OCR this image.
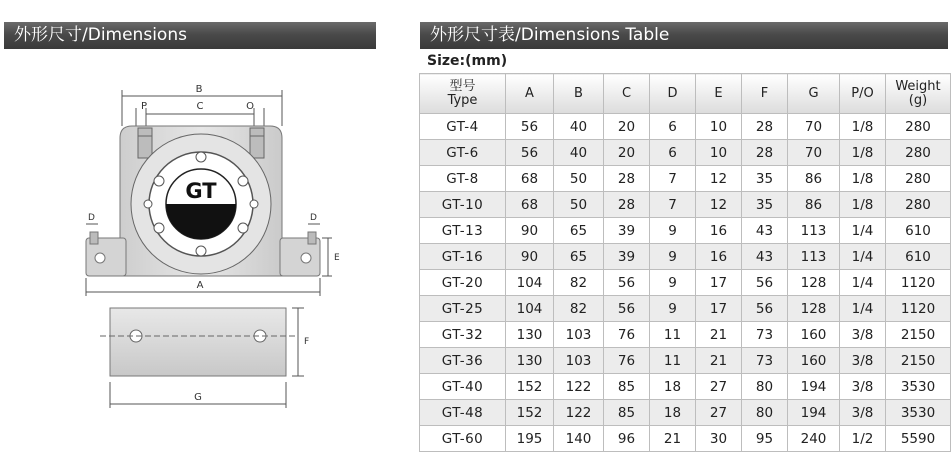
外形尺寸/Dimensions	外形尺寸表/Dimensions Table
Size:(mm)
B
P	C	O
GT
D	D
E
A
F
G
型号
Type	A	B	C	D	E	F	G	P/O	Weight
(g)

GT-4	56	40	20	6	10	28	70	1/8	280
GT-6	56	40	20	6	10	28	70	1/8	280
GT-8	68	50	28	7	12	35	86	1/8	280
GT-10	68	50	28	7	12	35	86	1/8	280
GT-13	90	65	39	9	16	43	113	1/4	610
GT-16	90	65	39	9	16	43	113	1/4	610
GT-20	104	82	56	9	17	56	128	1/4	1120
GT-25	104	82	56	9	17	56	128	1/4	1120
GT-32	130	103	76	11	21	73	160	3/8	2150
GT-36	130	103	76	11	21	73	160	3/8	2150
GT-40	152	122	85	18	27	80	194	3/8	3530
GT-48	152	122	85	18	27	80	194	3/8	3530
GT-60	195	140	96	21	30	95	240	1/2	5590
